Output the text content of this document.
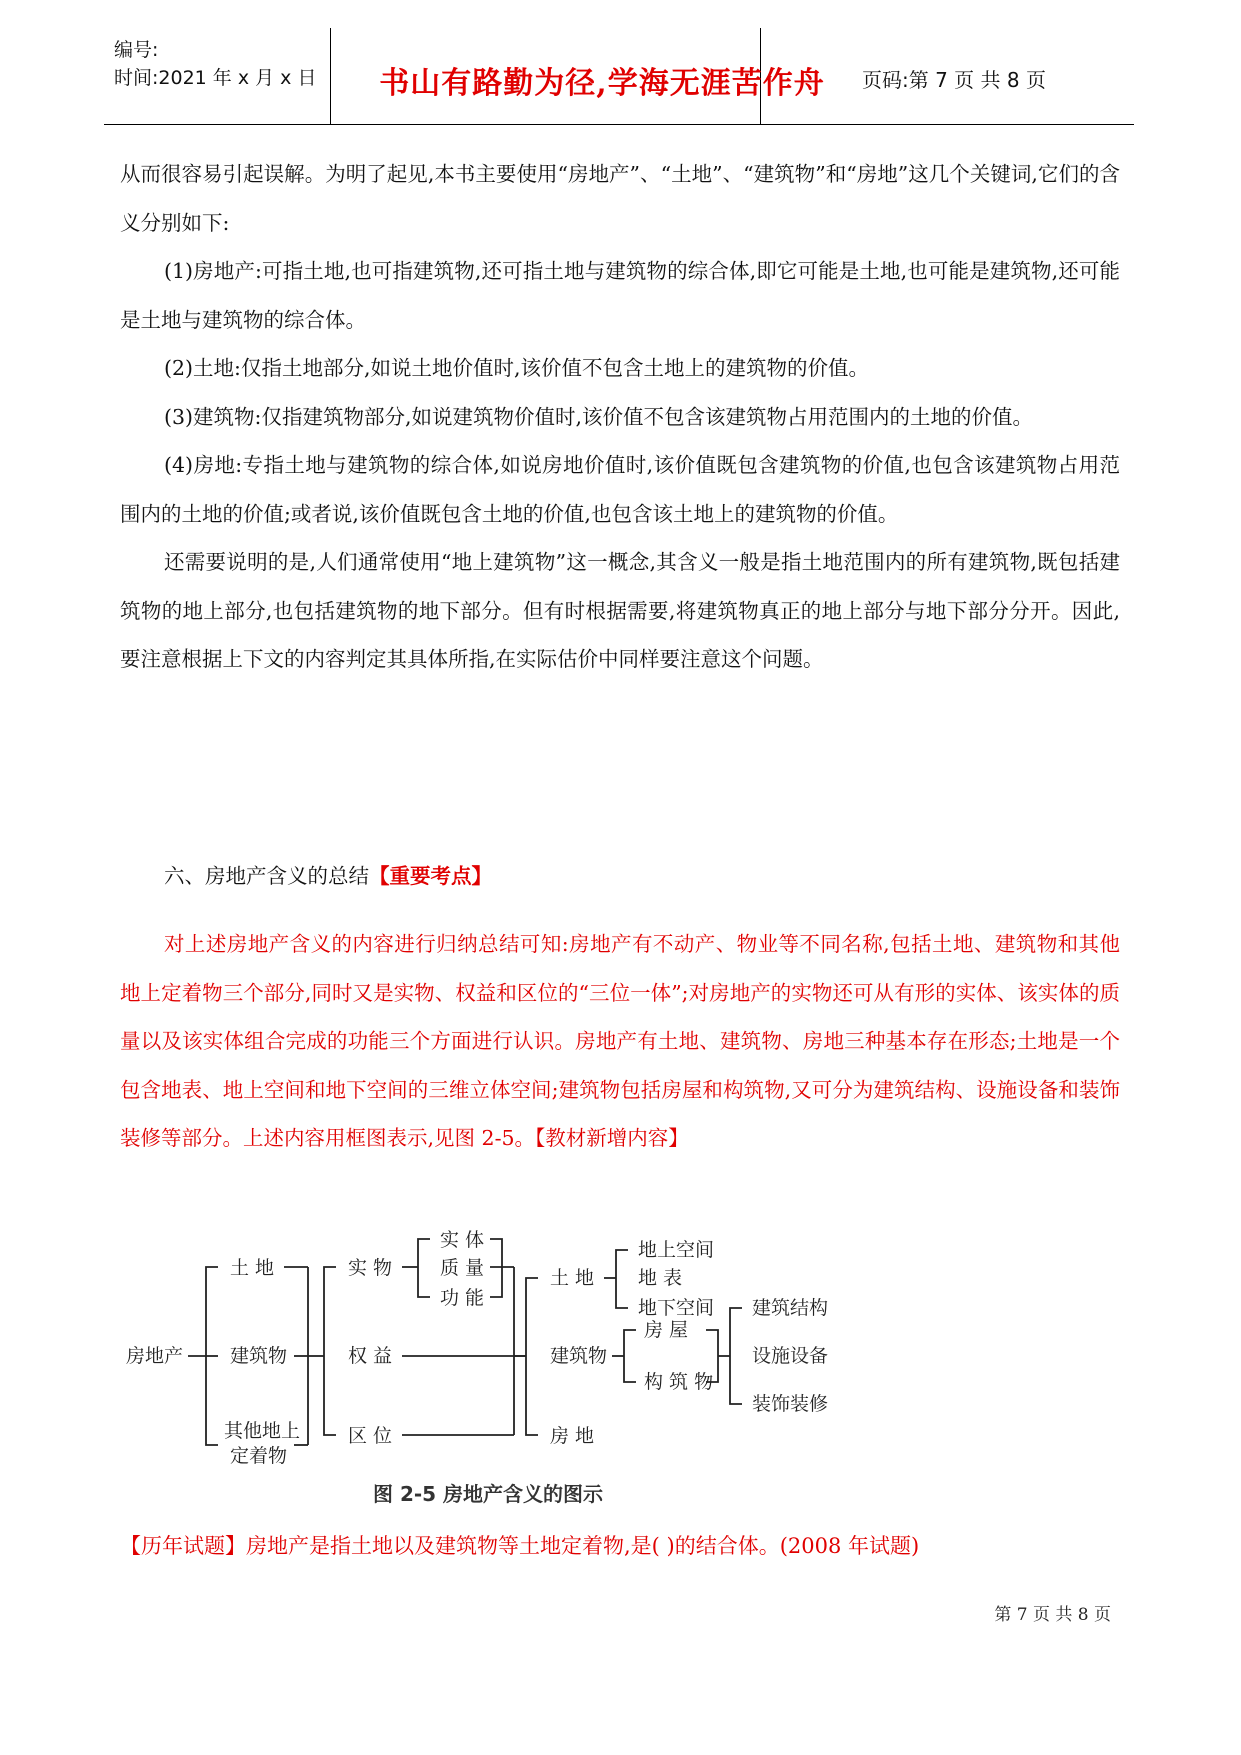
编号:
时间:2021 年 x 月 x 日	书山有路勤为径,学海无涯苦作舟	页码:第 7 页 共 8 页

从而很容易引起误解。为明了起见,本书主要使用“房地产”、“土地”、“建筑物”和“房地”这几个关键词,它们的含义分别如下:

(1)房地产:可指土地,也可指建筑物,还可指土地与建筑物的综合体,即它可能是土地,也可能是建筑物,还可能是土地与建筑物的综合体。

(2)土地:仅指土地部分,如说土地价值时,该价值不包含土地上的建筑物的价值。

(3)建筑物:仅指建筑物部分,如说建筑物价值时,该价值不包含该建筑物占用范围内的土地的价值。

(4)房地:专指土地与建筑物的综合体,如说房地价值时,该价值既包含建筑物的价值,也包含该建筑物占用范围内的土地的价值;或者说,该价值既包含土地的价值,也包含该土地上的建筑物的价值。

还需要说明的是,人们通常使用“地上建筑物”这一概念,其含义一般是指土地范围内的所有建筑物,既包括建筑物的地上部分,也包括建筑物的地下部分。但有时根据需要,将建筑物真正的地上部分与地下部分分开。因此,要注意根据上下文的内容判定其具体所指,在实际估价中同样要注意这个问题。

六、房地产含义的总结【重要考点】

对上述房地产含义的内容进行归纳总结可知:房地产有不动产、物业等不同名称,包括土地、建筑物和其他地上定着物三个部分,同时又是实物、权益和区位的“三位一体”;对房地产的实物还可从有形的实体、该实体的质量以及该实体组合完成的功能三个方面进行认识。房地产有土地、建筑物、房地三种基本存在形态;土地是一个包含地表、地上空间和地下空间的三维立体空间;建筑物包括房屋和构筑物,又可分为建筑结构、设施设备和装饰装修等部分。上述内容用框图表示,见图 2-5。【教材新增内容】

房地产
土 地
建筑物
其他地上
定着物
实 物
权 益
区 位
实 体
质 量
功 能
土 地
建筑物
房 地
地上空间
地 表
地下空间
房 屋
构 筑 物
建筑结构
设施设备
装饰装修
图 2-5 房地产含义的图示
【历年试题】房地产是指土地以及建筑物等土地定着物,是( )的结合体。(2008 年试题)
第 7 页 共 8 页
